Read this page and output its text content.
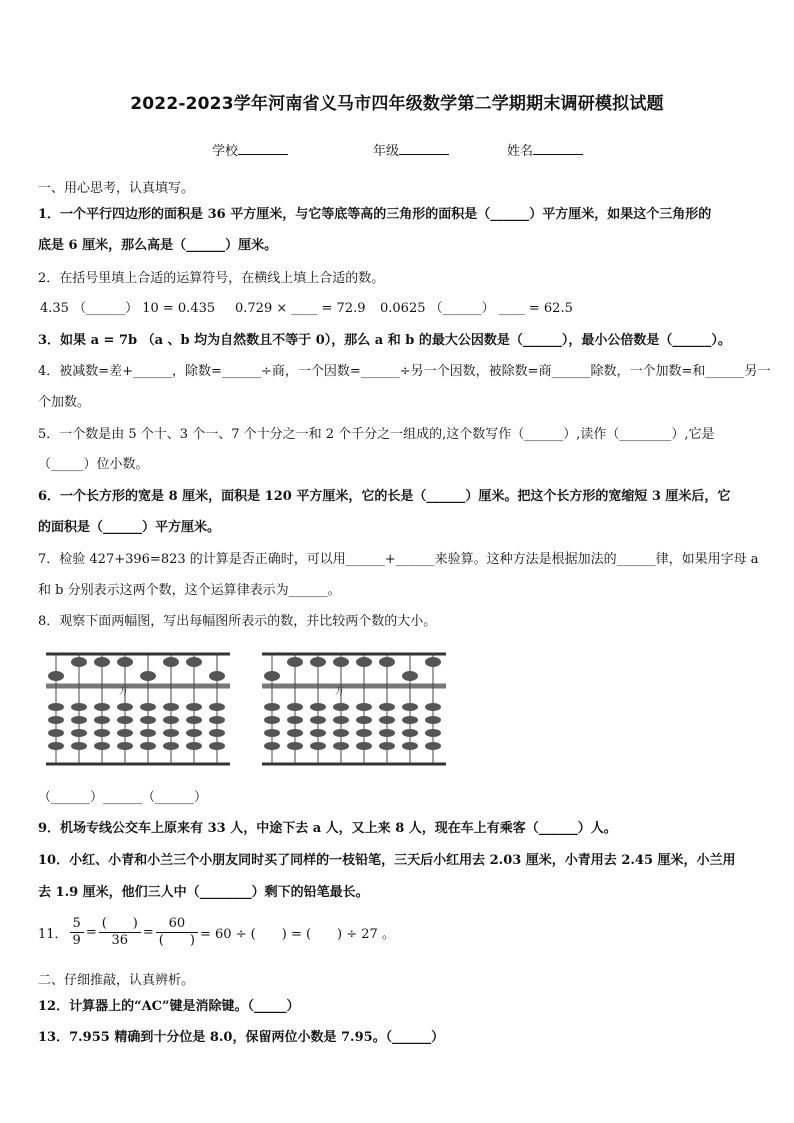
2022-2023学年河南省义马市四年级数学第二学期期末调研模拟试题
学校	年级	姓名
一、用心思考，认真填写。
1．一个平行四边形的面积是 36 平方厘米，与它等底等高的三角形的面积是（______）平方厘米，如果这个三角形的
底是 6 厘米，那么高是（______）厘米。
2．在括号里填上合适的运算符号，在横线上填上合适的数。
4.35 （______） 10 = 0.435	0.729 × ____ = 72.9	0.0625 （______） ____ = 62.5
3．如果 a = 7b （a 、b 均为自然数且不等于 0），那么 a 和 b 的最大公因数是（______），最小公倍数是（______）。
4．被减数=差+______，除数=______÷商，一个因数=______÷另一个因数，被除数=商______除数，一个加数=和______另一
个加数。
5．一个数是由 5 个十、3 个一、7 个十分之一和 2 个千分之一组成的,这个数写作（______）,读作（________）,它是
（_____）位小数。
6．一个长方形的宽是 8 厘米，面积是 120 平方厘米，它的长是（______）厘米。把这个长方形的宽缩短 3 厘米后，它
的面积是（______）平方厘米。
7．检验 427+396=823 的计算是否正确时，可以用______+______来验算。这种方法是根据加法的______律，如果用字母 a
和 b 分别表示这两个数，这个运算律表示为______。
8．观察下面两幅图，写出每幅图所表示的数，并比较两个数的大小。
万	万
（______）______（______）
9．机场专线公交车上原来有 33 人，中途下去 a 人，又上来 8 人，现在车上有乘客（______）人。
10．小红、小青和小兰三个小朋友同时买了同样的一枝铅笔，三天后小红用去 2.03 厘米，小青用去 2.45 厘米，小兰用
去 1.9 厘米，他们三人中（________）剩下的铅笔最长。
11． $\frac{5}{9} = \frac{( )}{36} = \frac{60}{( )} = 60$ ÷ (　　) = (　　) ÷ 27 。
二、仔细推敲，认真辨析。
12．计算器上的“AC”键是消除键。（_____）
13．7.955 精确到十分位是 8.0，保留两位小数是 7.95。（______）
